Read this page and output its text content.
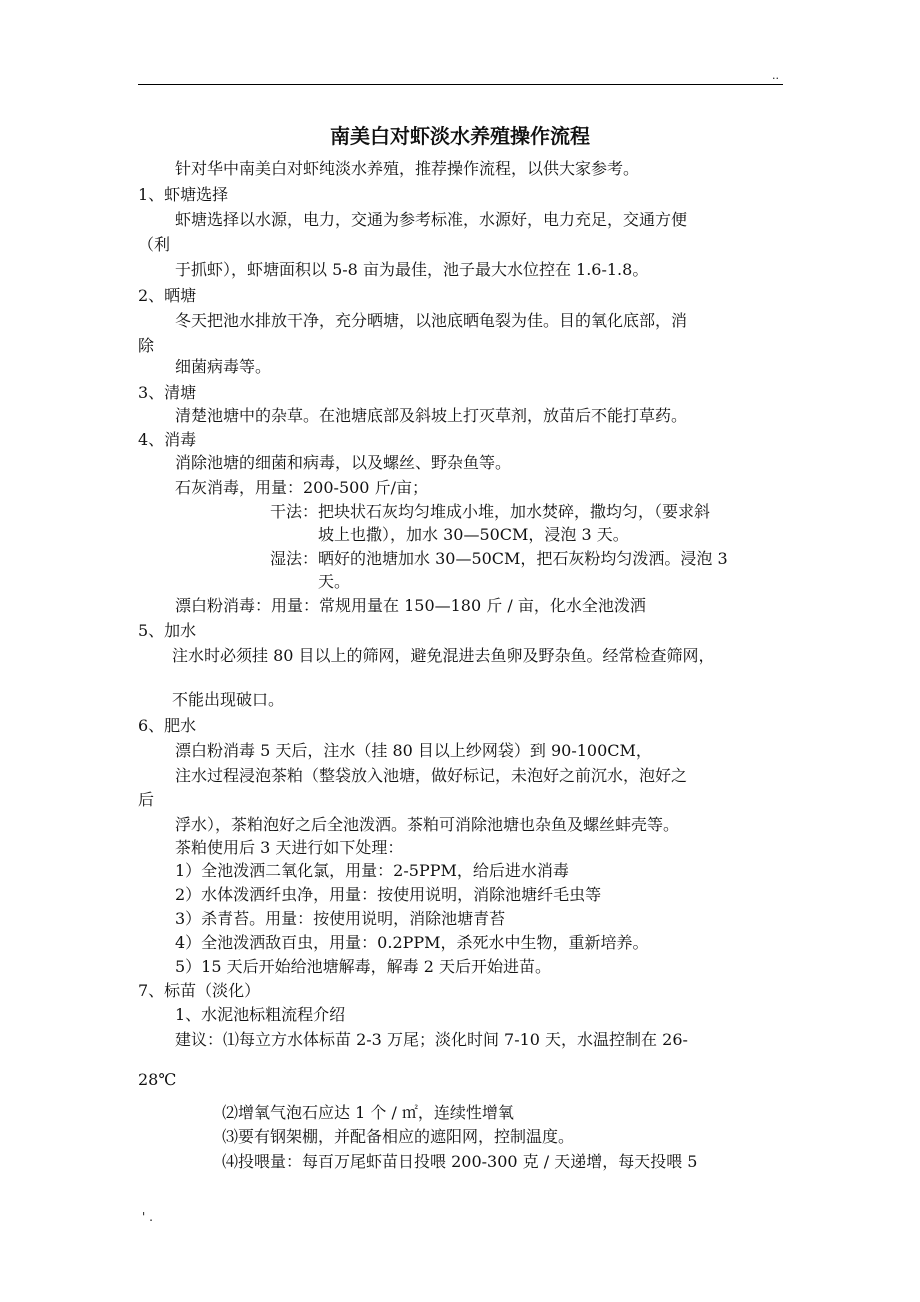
..
南美白对虾淡水养殖操作流程
针对华中南美白对虾纯淡水养殖，推荐操作流程，以供大家参考。
1、虾塘选择
虾塘选择以水源，电力，交通为参考标准，水源好，电力充足，交通方便
（利
于抓虾），虾塘面积以 5-8 亩为最佳，池子最大水位控在 1.6-1.8。
2、晒塘
冬天把池水排放干净，充分晒塘，以池底晒龟裂为佳。目的氧化底部，消
除
细菌病毒等。
3、清塘
清楚池塘中的杂草。在池塘底部及斜坡上打灭草剂，放苗后不能打草药。
4、消毒
消除池塘的细菌和病毒，以及螺丝、野杂鱼等。
石灰消毒，用量：200-500 斤/亩；
干法：把块状石灰均匀堆成小堆，加水焚碎，撒均匀，（要求斜
坡上也撒），加水 30—50CM，浸泡 3 天。
湿法：晒好的池塘加水 30—50CM，把石灰粉均匀泼洒。浸泡 3
天。
漂白粉消毒：用量：常规用量在 150—180 斤 / 亩，化水全池泼洒
5、加水
注水时必须挂 80 目以上的筛网，避免混进去鱼卵及野杂鱼。经常检查筛网，
不能出现破口。
6、肥水
漂白粉消毒 5 天后，注水（挂 80 目以上纱网袋）到 90-100CM，
注水过程浸泡茶粕（整袋放入池塘，做好标记，未泡好之前沉水，泡好之
后
浮水），茶粕泡好之后全池泼洒。茶粕可消除池塘也杂鱼及螺丝蚌壳等。
茶粕使用后 3 天进行如下处理：
1）全池泼洒二氧化氯，用量：2-5PPM，给后进水消毒
2）水体泼洒纤虫净，用量：按使用说明，消除池塘纤毛虫等
3）杀青苔。用量：按使用说明，消除池塘青苔
4）全池泼洒敌百虫，用量：0.2PPM，杀死水中生物，重新培养。
5）15 天后开始给池塘解毒，解毒 2 天后开始进苗。
7、标苗（淡化）
1、水泥池标粗流程介绍
建议：⑴每立方水体标苗 2-3 万尾；淡化时间 7-10 天，水温控制在 26-
28℃
⑵增氧气泡石应达 1 个 / ㎡，连续性增氧
⑶要有钢架棚，并配备相应的遮阳网，控制温度。
⑷投喂量：每百万尾虾苗日投喂 200-300 克 / 天递增，每天投喂 5
' .
